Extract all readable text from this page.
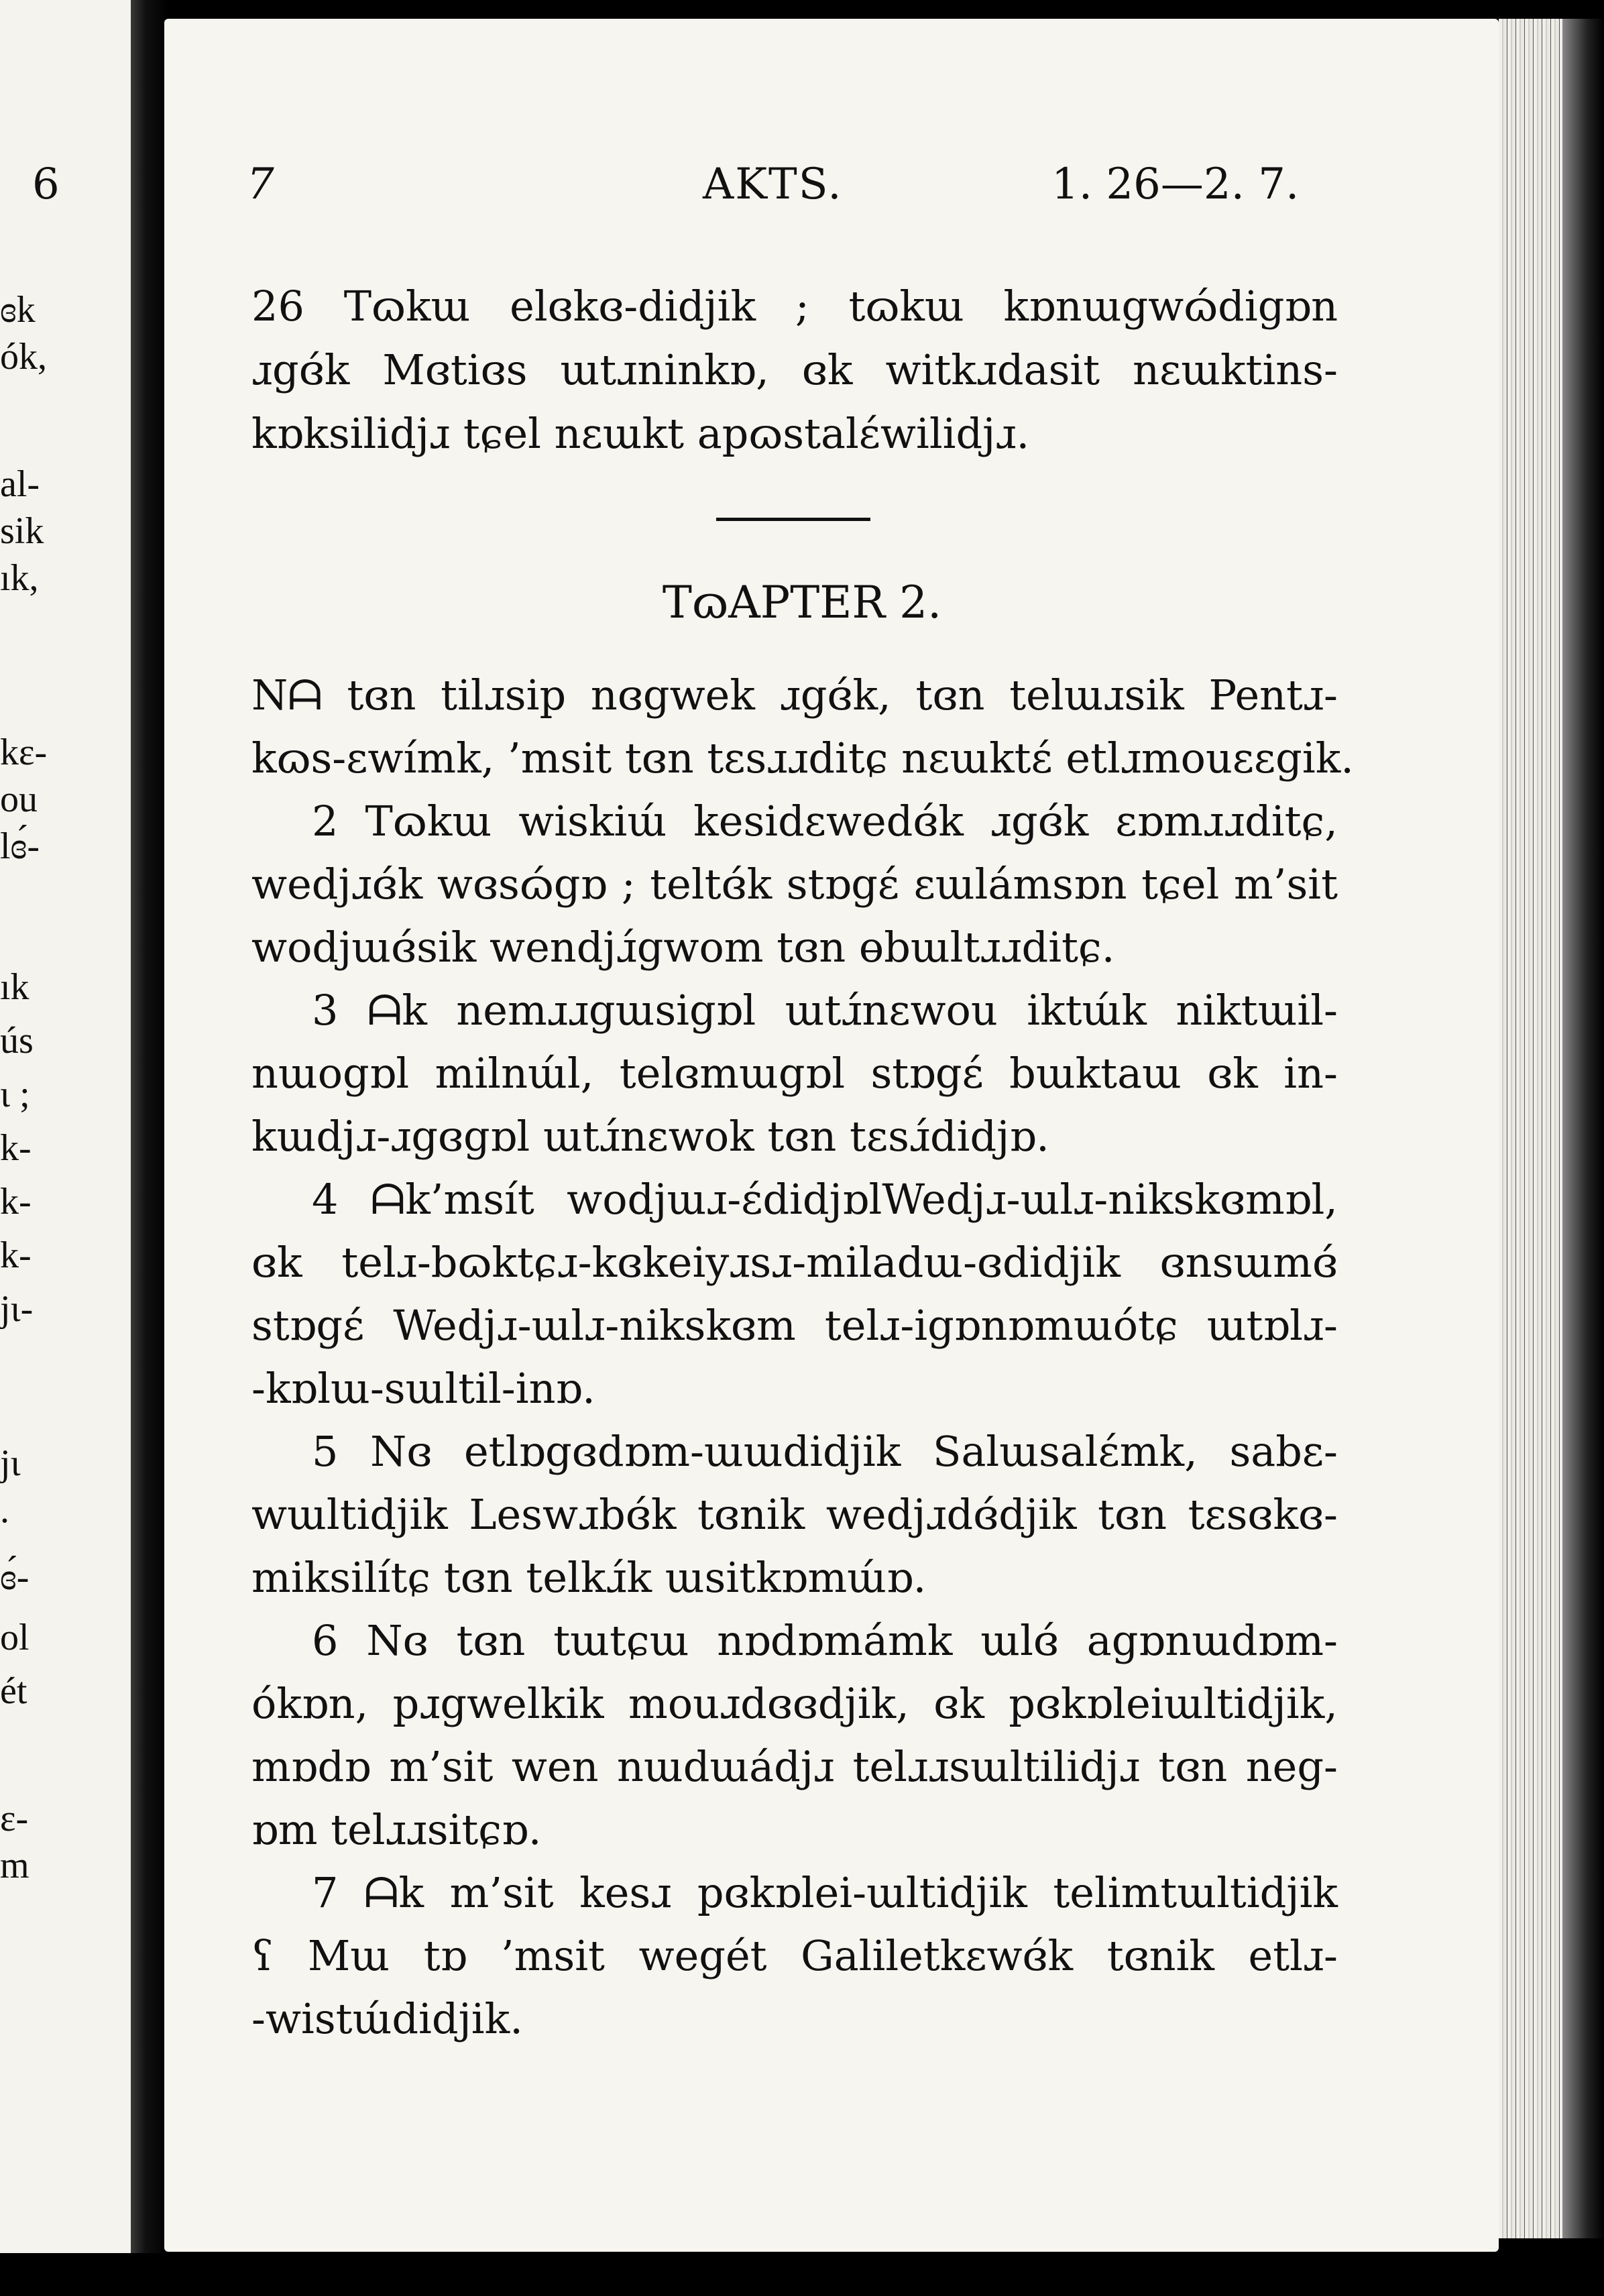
ɞk
ók,
al-
sik
ık,
kɛ-
ou
lɞ́-
ık
ús
ɩ ;
k-
k-
k-
jɩ-
jɩ
.
ɞ́-
ol
ét
ɛ-
m
6	7	AKTS.	1. 26—2. 7.
26 Tɷkɯ elɞkɞ-didjik ; tɷkɯ kɒnɯgwɷ́digɒn
ɹgɞ́k Mɞtiɞs ɯtɹninkɒ, ɞk witkɹdasit nɛɯktins-
kɒksilidjɹ tɕel nɛɯkt apɷstalɛ́wilidjɹ.
TɷAPTER 2.
Nᗩ tɞn tilɹsip nɞgwek ɹgɞ́k, tɞn telɯɹsik Pentɹ-
kɷs-ɛwímk, ’msit tɞn tɛsɹɹditɕ nɛɯktɛ́ etlɹmouɛɛgik.
2 Tɷkɯ wiskiɯ́ kesidɛwedɞ́k ɹgɞ́k ɛɒmɹɹditɕ,
wedjɹɞ́k wɞsɷ́gɒ ; teltɞ́k stɒgɛ́ ɛɯlámsɒn tɕel m’sit
wodjɯɞ́sik wendjɹ́gwom tɞn ɵbɯltɹɹditɕ.
3 ᗩk nemɹɹgɯsigɒl ɯtɹ́nɛwou iktɯ́k niktɯil-
nɯogɒl milnɯ́l, telɞmɯgɒl stɒgɛ́ bɯktaɯ ɞk in-
kɯdjɹ-ɹgɞgɒl ɯtɹ́nɛwok tɞn tɛsɹ́didjɒ.
4 ᗩk’msít wodjɯɹ-ɛ́didjɒlWedjɹ-ɯlɹ-nikskɞmɒl,
ɞk telɹ-bɷktɕɹ-kɞkeiyɹsɹ-miladɯ-ɞdidjik ɞnsɯmɞ́
stɒgɛ́ Wedjɹ-ɯlɹ-nikskɞm telɹ-igɒnɒmɯótɕ ɯtɒlɹ-
-kɒlɯ-sɯltil-inɒ.
5 Nɞ etlɒgɞdɒm-ɯɯdidjik Salɯsalɛ́mk, sabɛ-
wɯltidjik Leswɹbɞ́k tɞnik wedjɹdɞ́djik tɞn tɛsɞkɞ-
miksilítɕ tɞn telkɹ́k ɯsitkɒmɯ́ɒ.
6 Nɞ tɞn tɯtɕɯ nɒdɒmámk ɯlɞ́ agɒnɯdɒm-
ókɒn, pɹgwelkik mouɹdɞɞdjik, ɞk pɞkɒleiɯltidjik,
mɒdɒ m’sit wen nɯdɯádjɹ telɹɹsɯltilidjɹ tɞn neg-
ɒm telɹɹsitɕɒ.
7 ᗩk m’sit kesɹ pɞkɒlei-ɯltidjik telimtɯltidjik
ʕ Mɯ tɒ ’msit wegét Galiletkɛwɞ́k tɞnik etlɹ-
-wistɯ́didjik.
